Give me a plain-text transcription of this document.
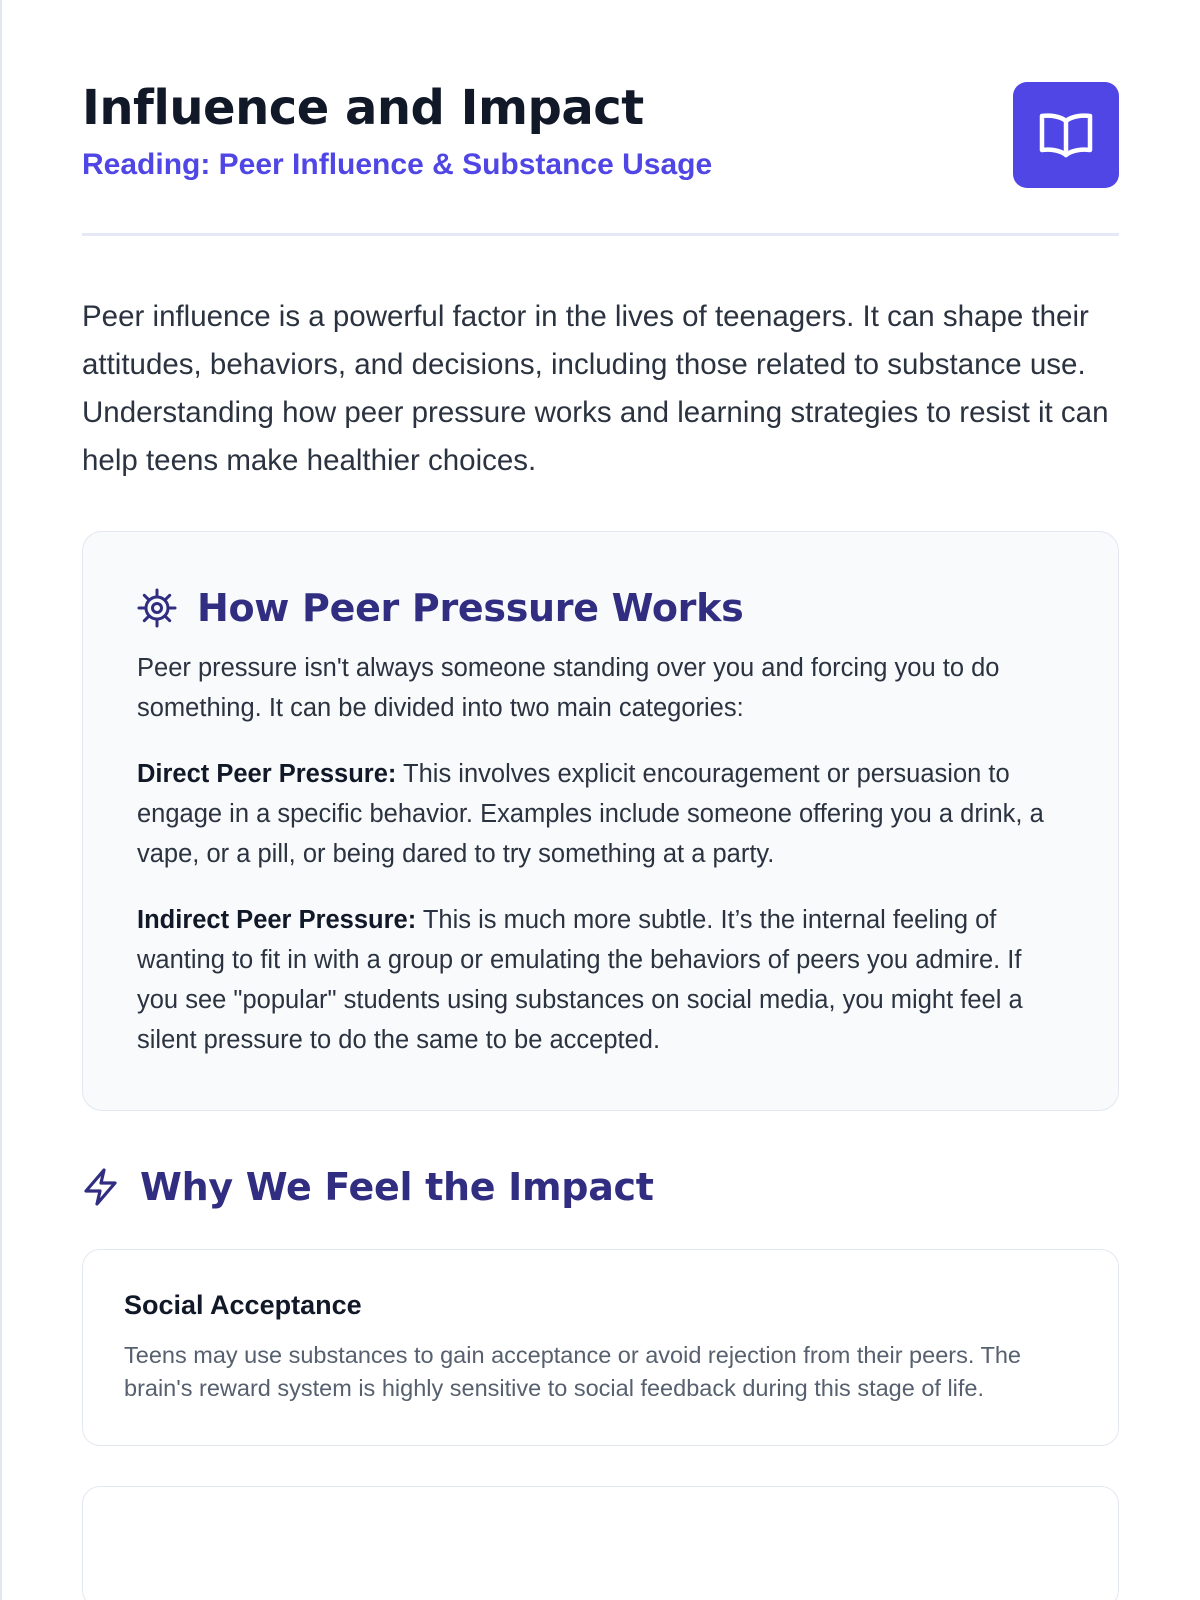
Influence and Impact
Reading: Peer Influence & Substance Usage

Peer influence is a powerful factor in the lives of teenagers. It can shape their attitudes, behaviors, and decisions, including those related to substance use. Understanding how peer pressure works and learning strategies to resist it can help teens make healthier choices.

How Peer Pressure Works

Peer pressure isn't always someone standing over you and forcing you to do something. It can be divided into two main categories:

Direct Peer Pressure: This involves explicit encouragement or persuasion to engage in a specific behavior. Examples include someone offering you a drink, a vape, or a pill, or being dared to try something at a party.

Indirect Peer Pressure: This is much more subtle. It’s the internal feeling of wanting to fit in with a group or emulating the behaviors of peers you admire. If you see "popular" students using substances on social media, you might feel a silent pressure to do the same to be accepted.

Why We Feel the Impact
Social Acceptance

Teens may use substances to gain acceptance or avoid rejection from their peers. The brain's reward system is highly sensitive to social feedback during this stage of life.
